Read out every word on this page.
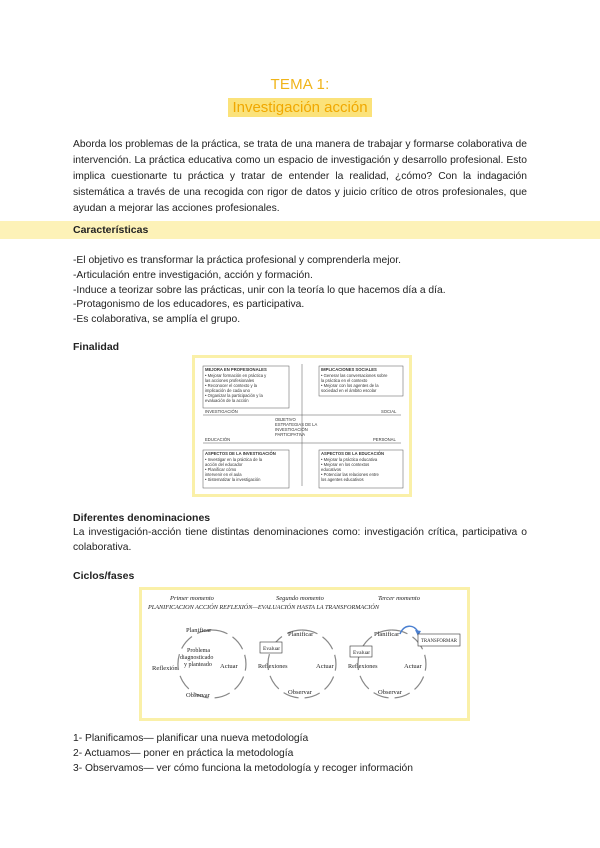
TEMA 1:
Investigación acción
Aborda los problemas de la práctica, se trata de una manera de trabajar y formarse colaborativa de intervención. La práctica educativa como un espacio de investigación y desarrollo profesional. Esto implica cuestionarte tu práctica y tratar de entender la realidad, ¿cómo? Con la indagación sistemática a través de una recogida con rigor de datos y juicio crítico de otros profesionales, que ayudan a mejorar las acciones profesionales.
Características
-El objetivo es transformar la práctica profesional y comprenderla mejor.
-Articulación entre investigación, acción y formación.
-Induce a teorizar sobre las prácticas, unir con la teoría lo que hacemos día a día.
-Protagonismo de los educadores, es participativa.
-Es colaborativa, se amplía el grupo.
Finalidad
MEJORA EN PROFESIONALES
• Mejorar formación en práctica y
las acciones profesionales
• Reconocer el contexto y la
implicación de cada uno
• Organizar la participación y la
evaluación de la acción
IMPLICACIONES SOCIALES
• Generar las conversaciones sobre
la práctica en el contexto
• Mejorar con los agentes de la
sociedad en el ámbito escolar
INVESTIGACIÓN	SOCIAL
EDUCACIÓN	PERSONAL
OBJETIVO
ESTRATEGIAS DE LA
INVESTIGACIÓN
PARTICIPATIVA
ASPECTOS DE LA INVESTIGACIÓN
• Investigar en la práctica de la
acción del educador
• Planificar cómo
intervenir en el aula
• Sistematizar la investigación
ASPECTOS DE LA EDUCACIÓN
• Mejorar la práctica educativa
• Mejorar en los contextos
educativos
• Potenciar las relaciones entre
los agentes educativos
Diferentes denominaciones
La investigación-acción tiene distintas denominaciones como: investigación crítica, participativa o colaborativa.
Ciclos/fases
Primer momento	Segundo momento	Tercer momento
PLANIFICACION ACCIÓN REFLEXIÓN—EVALUACIÓN HASTA LA TRANSFORMACIÓN
Planificar
Problema
diagnosticado
y planteado
Reflexión	Actuar
Observar
Evaluar
Planificar
Reflexiones	Actuar
Observar
Evaluar
Planificar
Reflexiones	Actuar
Observar
TRANSFORMAR
1- Planificamos— planificar una nueva metodología
2- Actuamos— poner en práctica la metodología
3- Observamos— ver cómo funciona la metodología y recoger información
